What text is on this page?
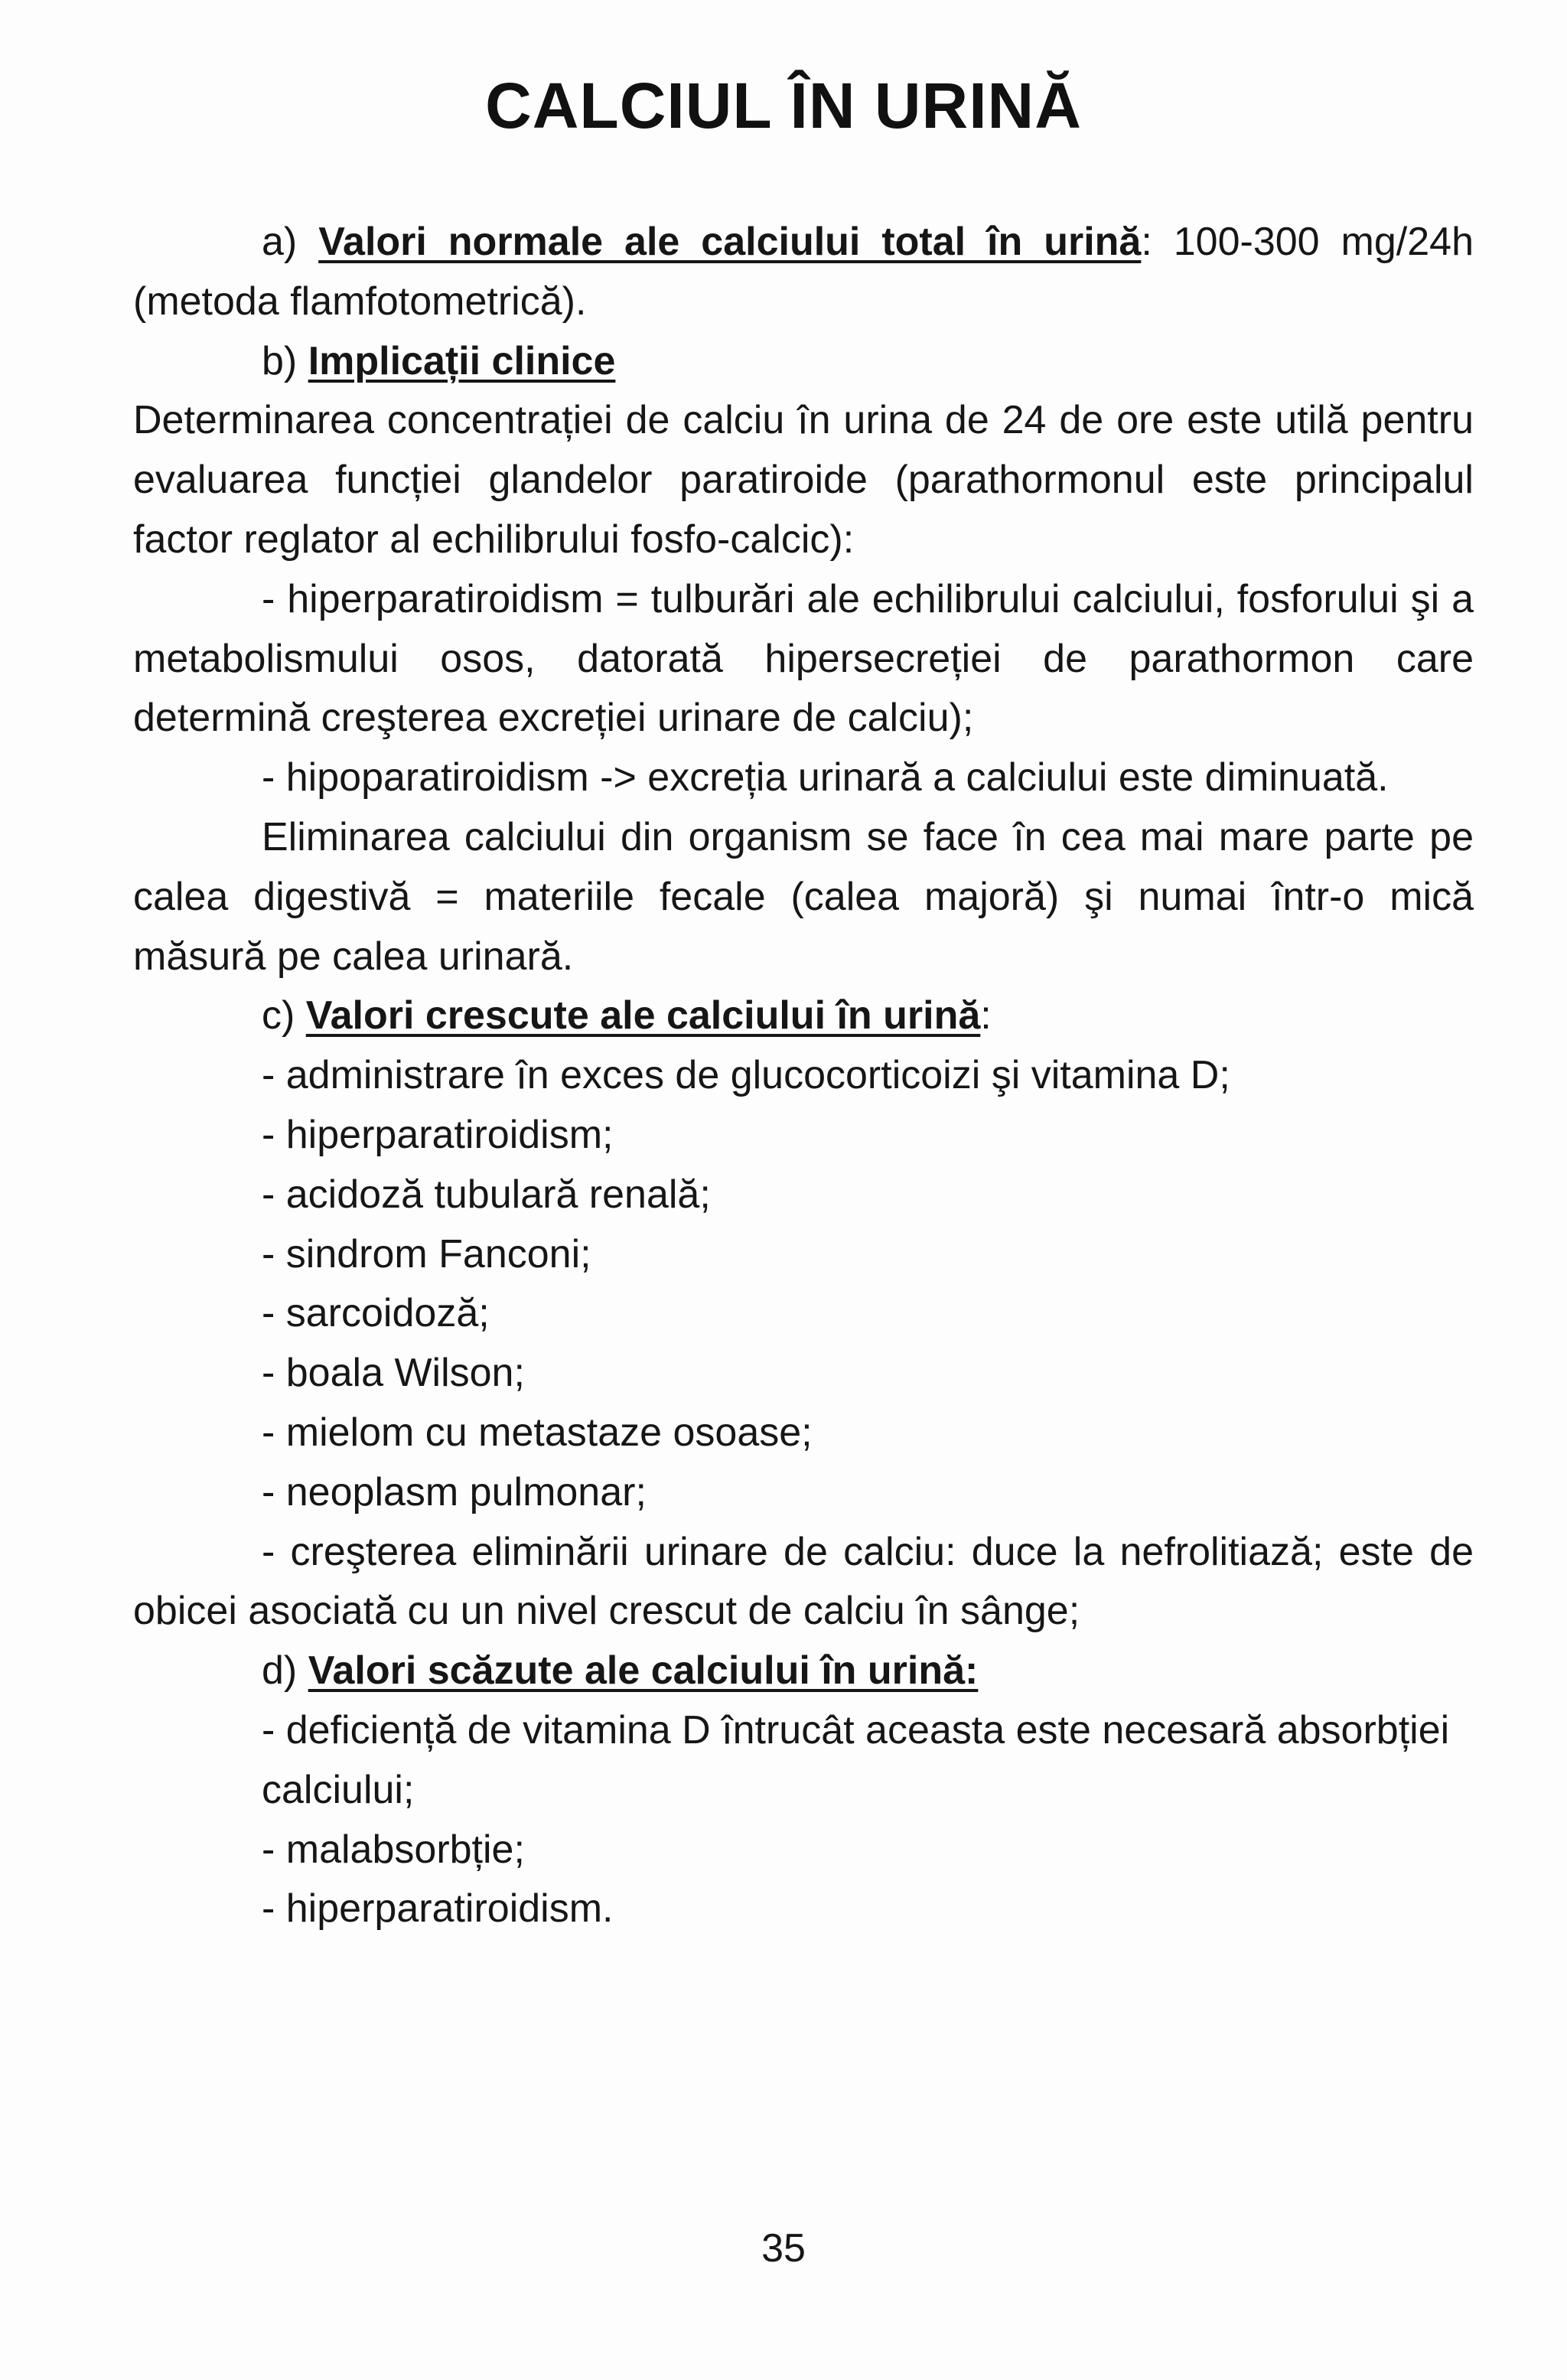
CALCIUL ÎN URINĂ

a) Valori normale ale calciului total în urină: 100-300 mg/24h (metoda flamfotometrică).

b) Implicații clinice

Determinarea concentrației de calciu în urina de 24 de ore este utilă pentru evaluarea funcției glandelor paratiroide (parathormonul este principalul factor reglator al echilibrului fosfo-calcic):

- hiperparatiroidism = tulburări ale echilibrului calciului, fosforului şi a metabolismului osos, datorată hipersecreției de parathormon care determină creşterea excreției urinare de calciu);

- hipoparatiroidism -> excreția urinară a calciului este diminuată.

Eliminarea calciului din organism se face în cea mai mare parte pe calea digestivă = materiile fecale (calea majoră) şi numai într-o mică măsură pe calea urinară.

c) Valori crescute ale calciului în urină:

- administrare în exces de glucocorticoizi şi vitamina D;

- hiperparatiroidism;

- acidoză tubulară renală;

- sindrom Fanconi;

- sarcoidoză;

- boala Wilson;

- mielom cu metastaze osoase;

- neoplasm pulmonar;

- creşterea eliminării urinare de calciu: duce la nefrolitiază; este de obicei asociată cu un nivel crescut de calciu în sânge;

d) Valori scăzute ale calciului în urină:

- deficiență de vitamina D întrucât aceasta este necesară absorbției calciului;

- malabsorbție;

- hiperparatiroidism.

35
